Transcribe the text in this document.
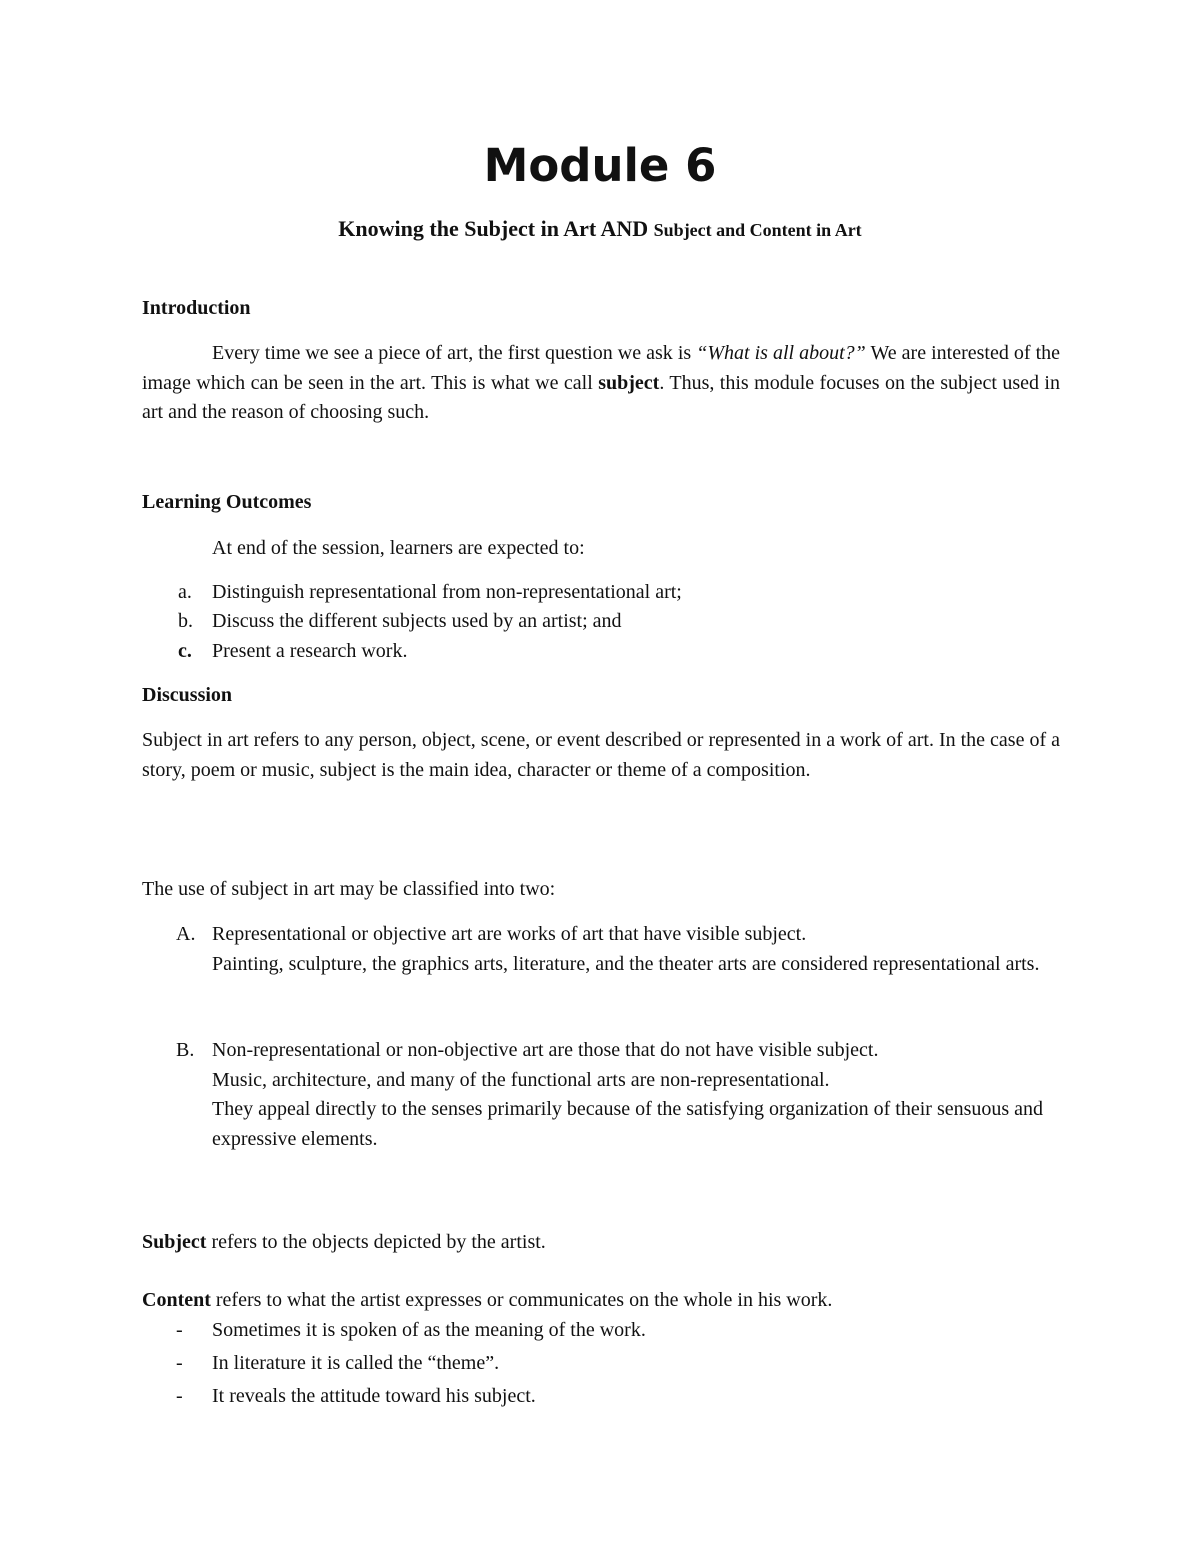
Module 6
Knowing the Subject in Art AND Subject and Content in Art
Introduction
Every time we see a piece of art, the first question we ask is “What is all about?” We are interested of the image which can be seen in the art. This is what we call subject. Thus, this module focuses on the subject used in art and the reason of choosing such.
Learning Outcomes
At end of the session, learners are expected to:
a. Distinguish representational from non-representational art;
b. Discuss the different subjects used by an artist; and
c. Present a research work.
Discussion
Subject in art refers to any person, object, scene, or event described or represented in a work of art. In the case of a story, poem or music, subject is the main idea, character or theme of a composition.
The use of subject in art may be classified into two:
A. Representational or objective art are works of art that have visible subject.
Painting, sculpture, the graphics arts, literature, and the theater arts are considered representational arts.
B. Non-representational or non-objective art are those that do not have visible subject.
Music, architecture, and many of the functional arts are non-representational.
They appeal directly to the senses primarily because of the satisfying organization of their sensuous and expressive elements.
Subject refers to the objects depicted by the artist.
Content refers to what the artist expresses or communicates on the whole in his work.
- Sometimes it is spoken of as the meaning of the work.
- In literature it is called the “theme”.
- It reveals the attitude toward his subject.
